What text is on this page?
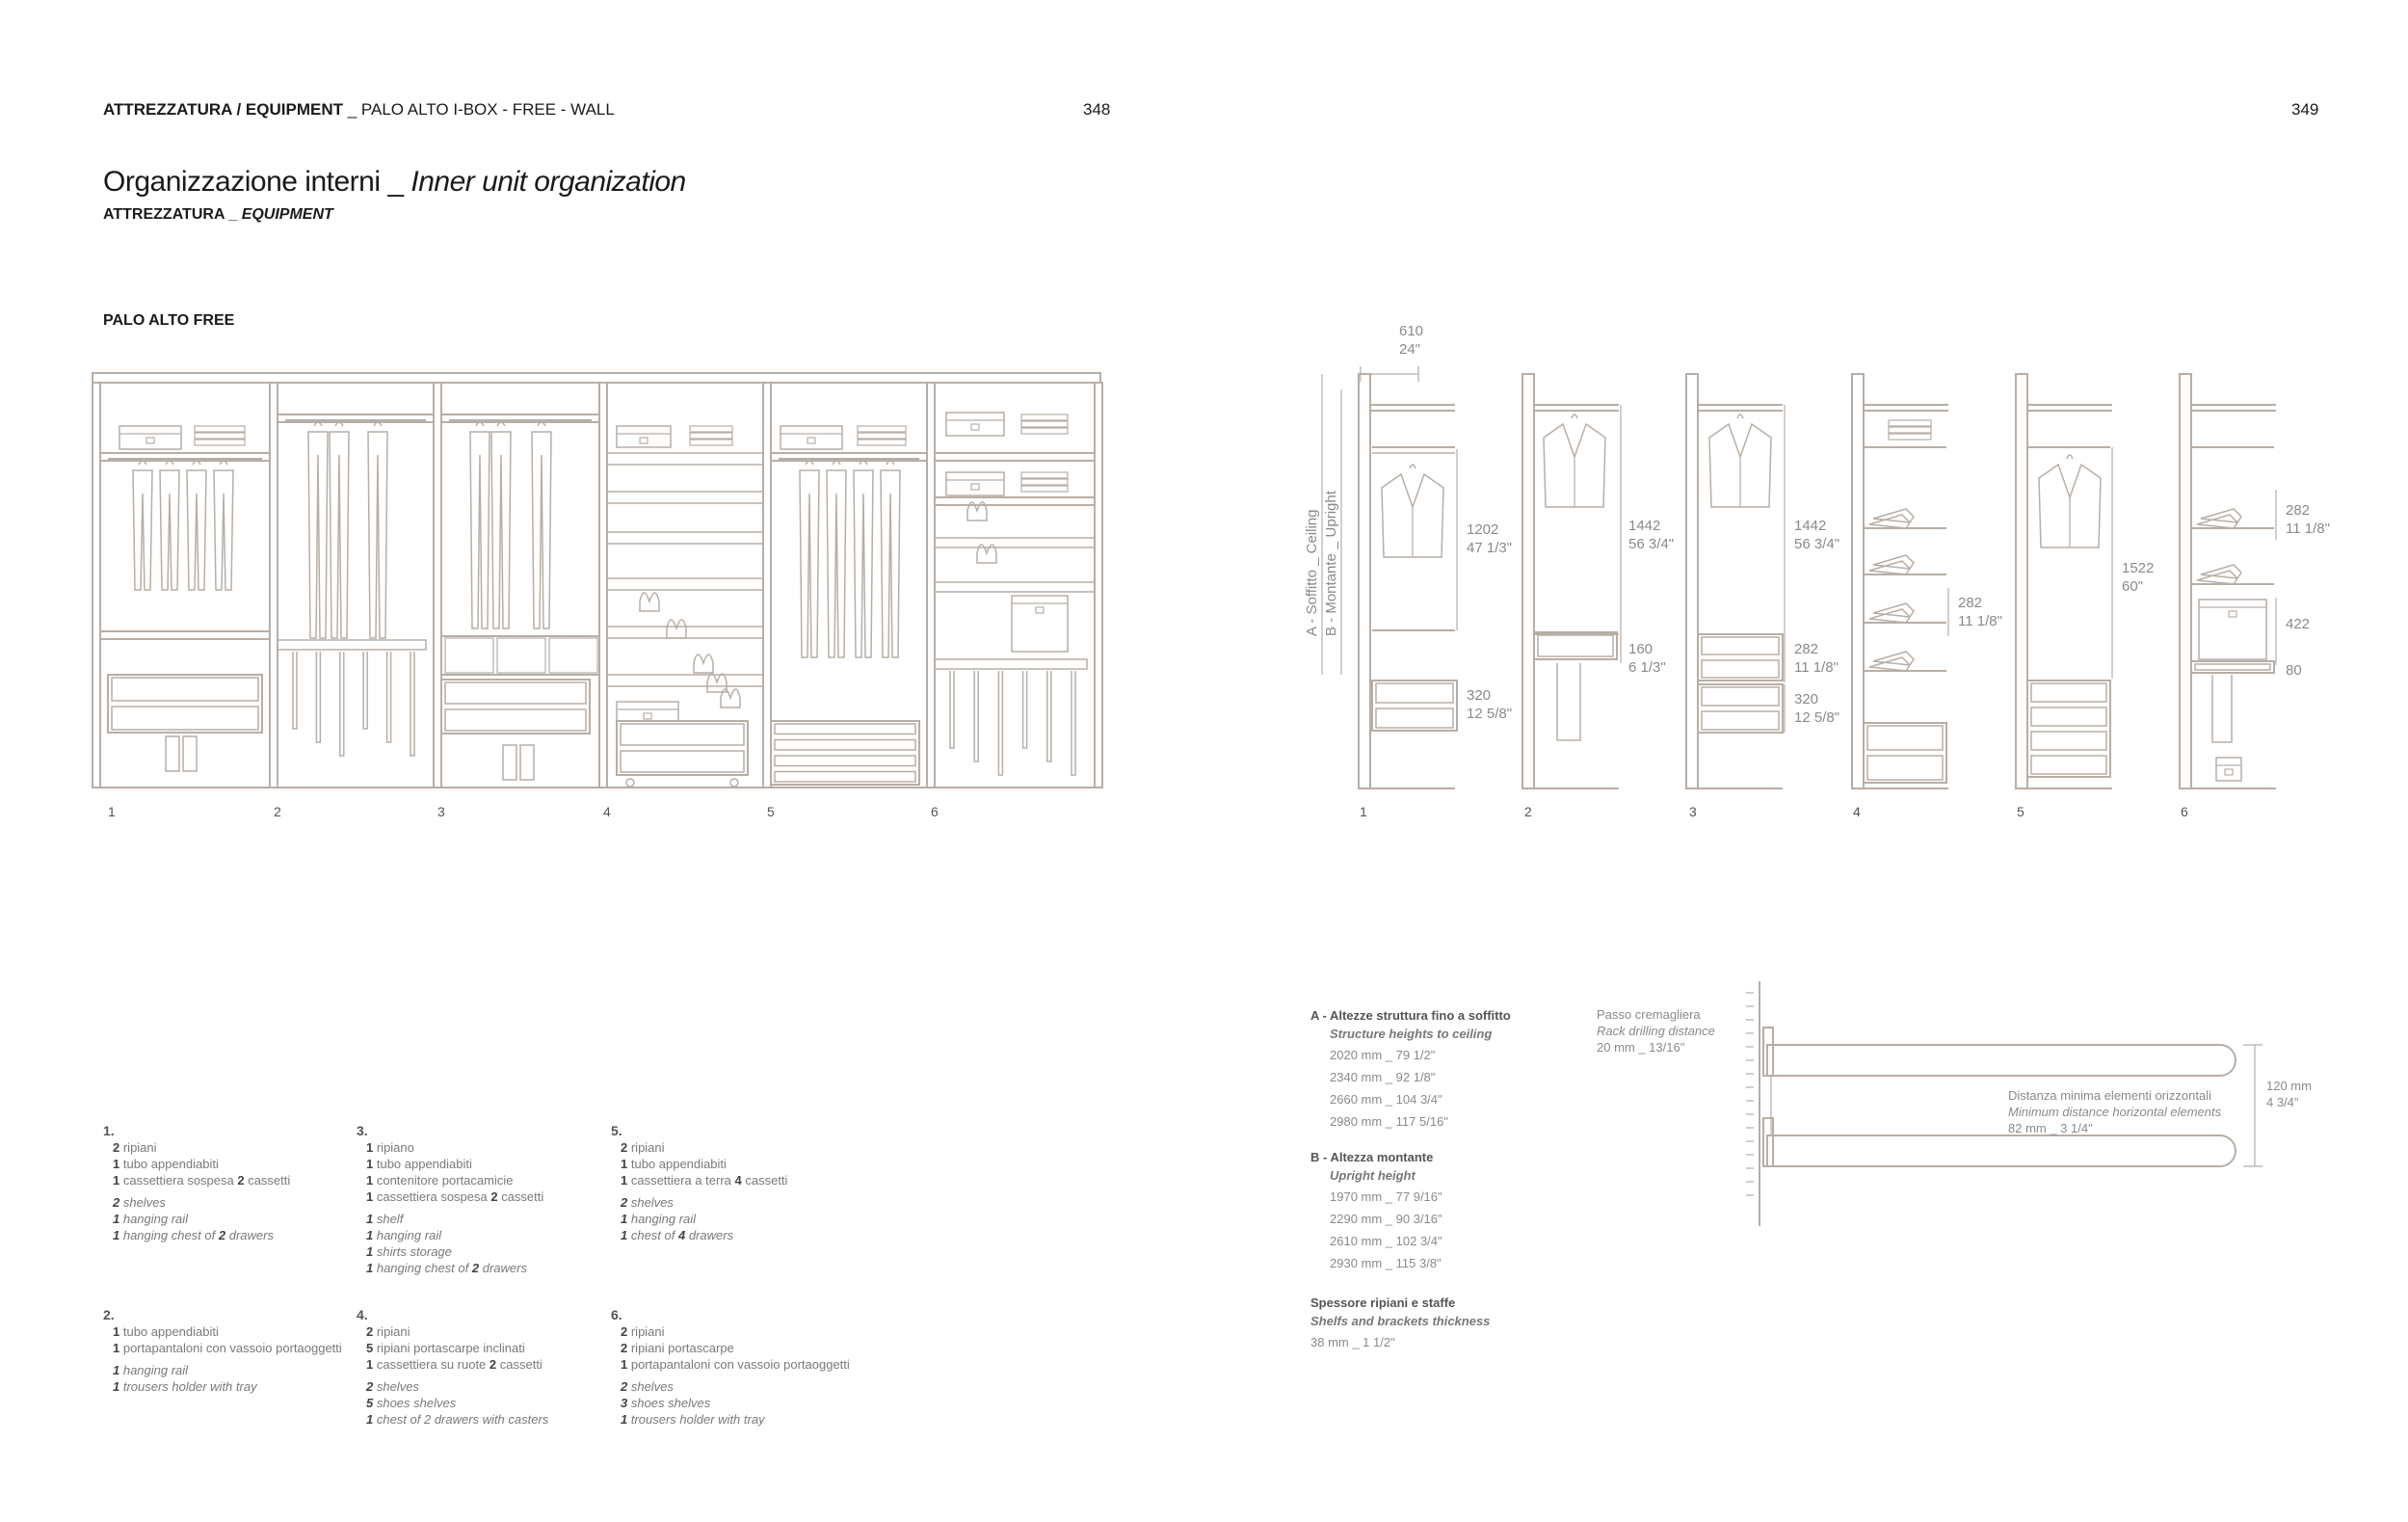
ATTREZZATURA / EQUIPMENT _ PALO ALTO I-BOX - FREE - WALL	348	349
Organizzazione interni _ Inner unit organization
ATTREZZATURA _ EQUIPMENT
PALO ALTO FREE
1	2	3	4	5	6	1	2	3	4	5	6
610
24"
A - Soffitto _ Ceiling B - Montante _ Upright	1202
47 1/3"
320
12 5/8"
1442
56 3/4"
160
6 1/3"
1442
56 3/4"
282
11 1/8"
320
12 5/8"
282
11 1/8"
1522
60"
282
11 1/8"
422
80
1.
2 ripiani
1 tubo appendiabiti
1 cassettiera sospesa 2 cassetti
2 shelves
1 hanging rail
1 hanging chest of 2 drawers
2.
1 tubo appendiabiti
1 portapantaloni con vassoio portaoggetti
1 hanging rail
1 trousers holder with tray
3.
1 ripiano
1 tubo appendiabiti
1 contenitore portacamicie
1 cassettiera sospesa 2 cassetti
1 shelf
1 hanging rail
1 shirts storage
1 hanging chest of 2 drawers
4.
2 ripiani
5 ripiani portascarpe inclinati
1 cassettiera su ruote 2 cassetti
2 shelves
5 shoes shelves
1 chest of 2 drawers with casters
5.
2 ripiani
1 tubo appendiabiti
1 cassettiera a terra 4 cassetti
2 shelves
1 hanging rail
1 chest of 4 drawers
6.
2 ripiani
2 ripiani portascarpe
1 portapantaloni con vassoio portaoggetti
2 shelves
3 shoes shelves
1 trousers holder with tray
A - Altezze struttura fino a soffitto
Structure heights to ceiling
2020 mm _ 79 1/2"
2340 mm _ 92 1/8"
2660 mm _ 104 3/4"
2980 mm _ 117 5/16"
B - Altezza montante
Upright height
1970 mm _ 77 9/16"
2290 mm _ 90 3/16"
2610 mm _ 102 3/4"
2930 mm _ 115 3/8"
Spessore ripiani e staffe
Shelfs and brackets thickness
38 mm _ 1 1/2"
Passo cremagliera
Rack drilling distance
20 mm _ 13/16"
Distanza minima elementi orizzontali
Minimum distance horizontal elements
82 mm _ 3 1/4"
120 mm
4 3/4"
